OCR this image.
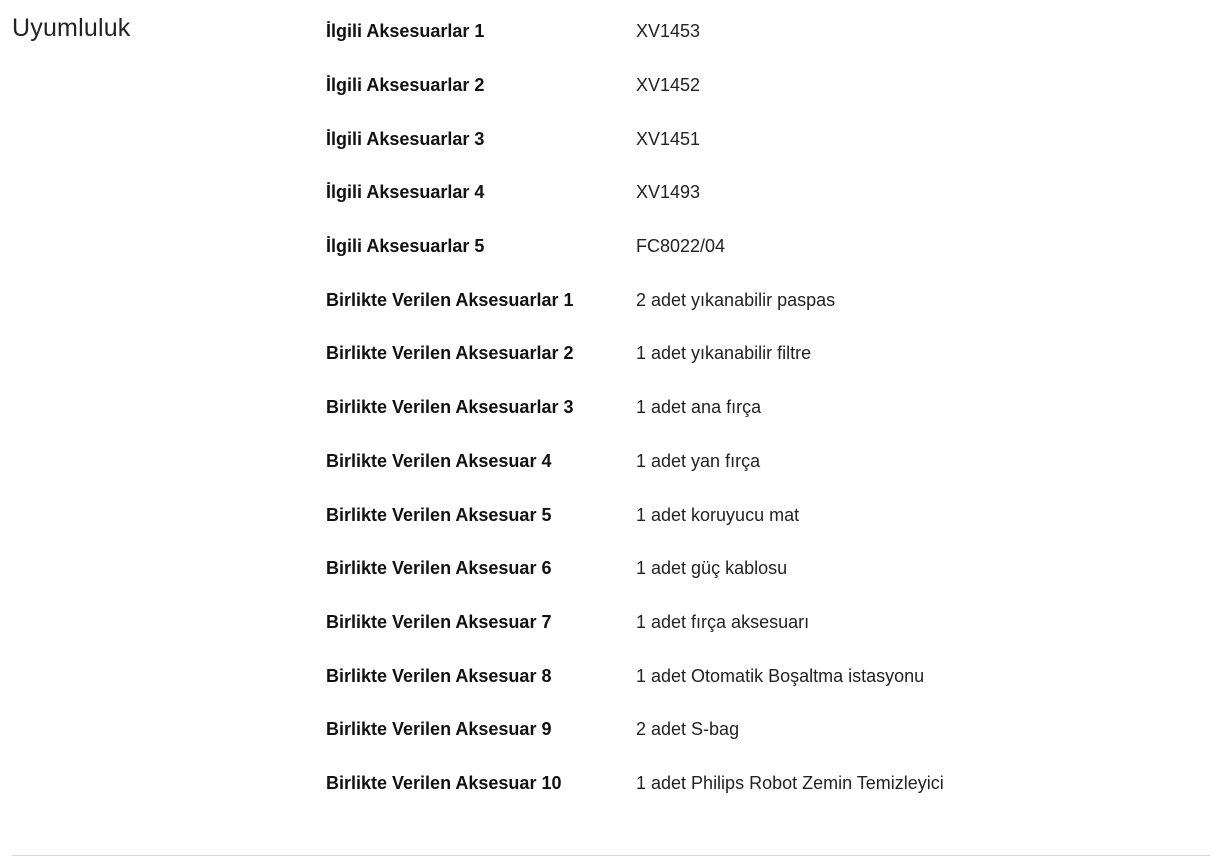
Uyumluluk	İlgili Aksesuarlar 1	XV1453
İlgili Aksesuarlar 2	XV1452
İlgili Aksesuarlar 3	XV1451
İlgili Aksesuarlar 4	XV1493
İlgili Aksesuarlar 5	FC8022/04
Birlikte Verilen Aksesuarlar 1	2 adet yıkanabilir paspas
Birlikte Verilen Aksesuarlar 2	1 adet yıkanabilir filtre
Birlikte Verilen Aksesuarlar 3	1 adet ana fırça
Birlikte Verilen Aksesuar 4	1 adet yan fırça
Birlikte Verilen Aksesuar 5	1 adet koruyucu mat
Birlikte Verilen Aksesuar 6	1 adet güç kablosu
Birlikte Verilen Aksesuar 7	1 adet fırça aksesuarı
Birlikte Verilen Aksesuar 8	1 adet Otomatik Boşaltma istasyonu
Birlikte Verilen Aksesuar 9	2 adet S-bag
Birlikte Verilen Aksesuar 10	1 adet Philips Robot Zemin Temizleyici
